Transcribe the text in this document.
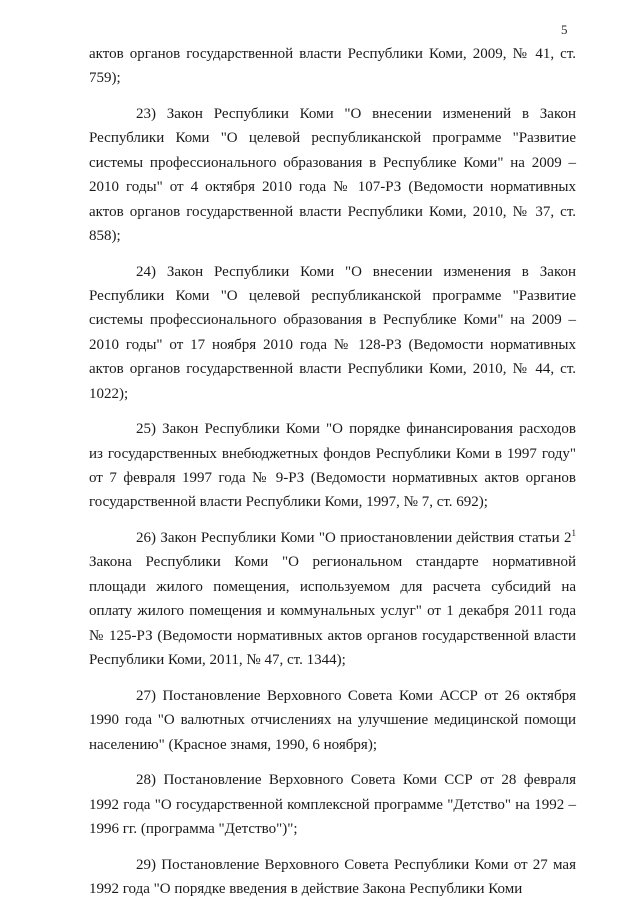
5

актов органов государственной власти Республики Коми, 2009, № 41, ст. 759);

23) Закон Республики Коми "О внесении изменений в Закон Республики Коми "О целевой республиканской программе "Развитие системы профессионального образования в Республике Коми" на 2009 – 2010 годы" от 4 октября 2010 года № 107-РЗ (Ведомости нормативных актов органов государственной власти Республики Коми, 2010, № 37, ст. 858);

24) Закон Республики Коми "О внесении изменения в Закон Республики Коми "О целевой республиканской программе "Развитие системы профессионального образования в Республике Коми" на 2009 – 2010 годы" от 17 ноября 2010 года № 128-РЗ (Ведомости нормативных актов органов государственной власти Республики Коми, 2010, № 44, ст. 1022);

25) Закон Республики Коми "О порядке финансирования расходов из государственных внебюджетных фондов Республики Коми в 1997 году" от 7 февраля 1997 года № 9-РЗ (Ведомости нормативных актов органов государственной власти Республики Коми, 1997, № 7, ст. 692);

26) Закон Республики Коми "О приостановлении действия статьи $2^1$ Закона Республики Коми "О региональном стандарте нормативной площади жилого помещения, используемом для расчета субсидий на оплату жилого помещения и коммунальных услуг" от 1 декабря 2011 года № 125-РЗ (Ведомости нормативных актов органов государственной власти Республики Коми, 2011, № 47, ст. 1344);

27) Постановление Верховного Совета Коми АССР от 26 октября 1990 года "О валютных отчислениях на улучшение медицинской помощи населению" (Красное знамя, 1990, 6 ноября);

28) Постановление Верховного Совета Коми ССР от 28 февраля 1992 года "О государственной комплексной программе "Детство" на 1992 – 1996 гг. (программа "Детство")";

29) Постановление Верховного Совета Республики Коми от 27 мая 1992 года "О порядке введения в действие Закона Республики Коми
